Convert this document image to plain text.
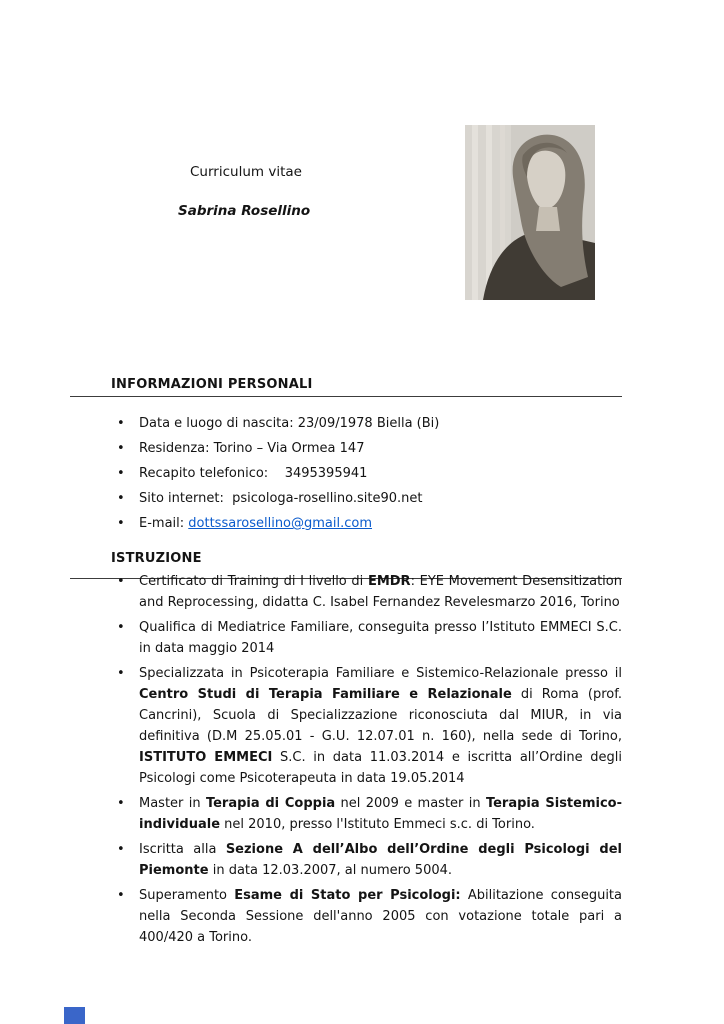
Curriculum vitae
Sabrina Rosellino
INFORMAZIONI PERSONALI
• Data e luogo di nascita: 23/09/1978 Biella (Bi)
• Residenza: Torino – Via Ormea 147
• Recapito telefonico:    3495395941
• Sito internet:  psicologa-rosellino.site90.net
• E-mail: dottssarosellino@gmail.com
ISTRUZIONE
• Certificato di Training di I livello di EMDR: EYE Movement Desensitization and Reprocessing, didatta C. Isabel Fernandez Revelesmarzo 2016, Torino
• Qualifica di Mediatrice Familiare, conseguita presso l’Istituto EMMECI S.C. in data maggio 2014
• Specializzata in Psicoterapia Familiare e Sistemico-Relazionale presso il Centro Studi di Terapia Familiare e Relazionale di Roma (prof. Cancrini), Scuola di Specializzazione riconosciuta dal MIUR, in via definitiva (D.M 25.05.01 - G.U. 12.07.01 n. 160), nella sede di Torino, ISTITUTO EMMECI S.C. in data 11.03.2014 e iscritta all’Ordine degli Psicologi come Psicoterapeuta in data 19.05.2014
• Master in Terapia di Coppia nel 2009 e master in Terapia Sistemico-individuale nel 2010, presso l'Istituto Emmeci s.c. di Torino.
• Iscritta alla Sezione A dell’Albo dell’Ordine degli Psicologi del Piemonte in data 12.03.2007, al numero 5004.
• Superamento Esame di Stato per Psicologi: Abilitazione conseguita nella Seconda Sessione dell'anno 2005 con votazione totale pari a 400/420 a Torino.
